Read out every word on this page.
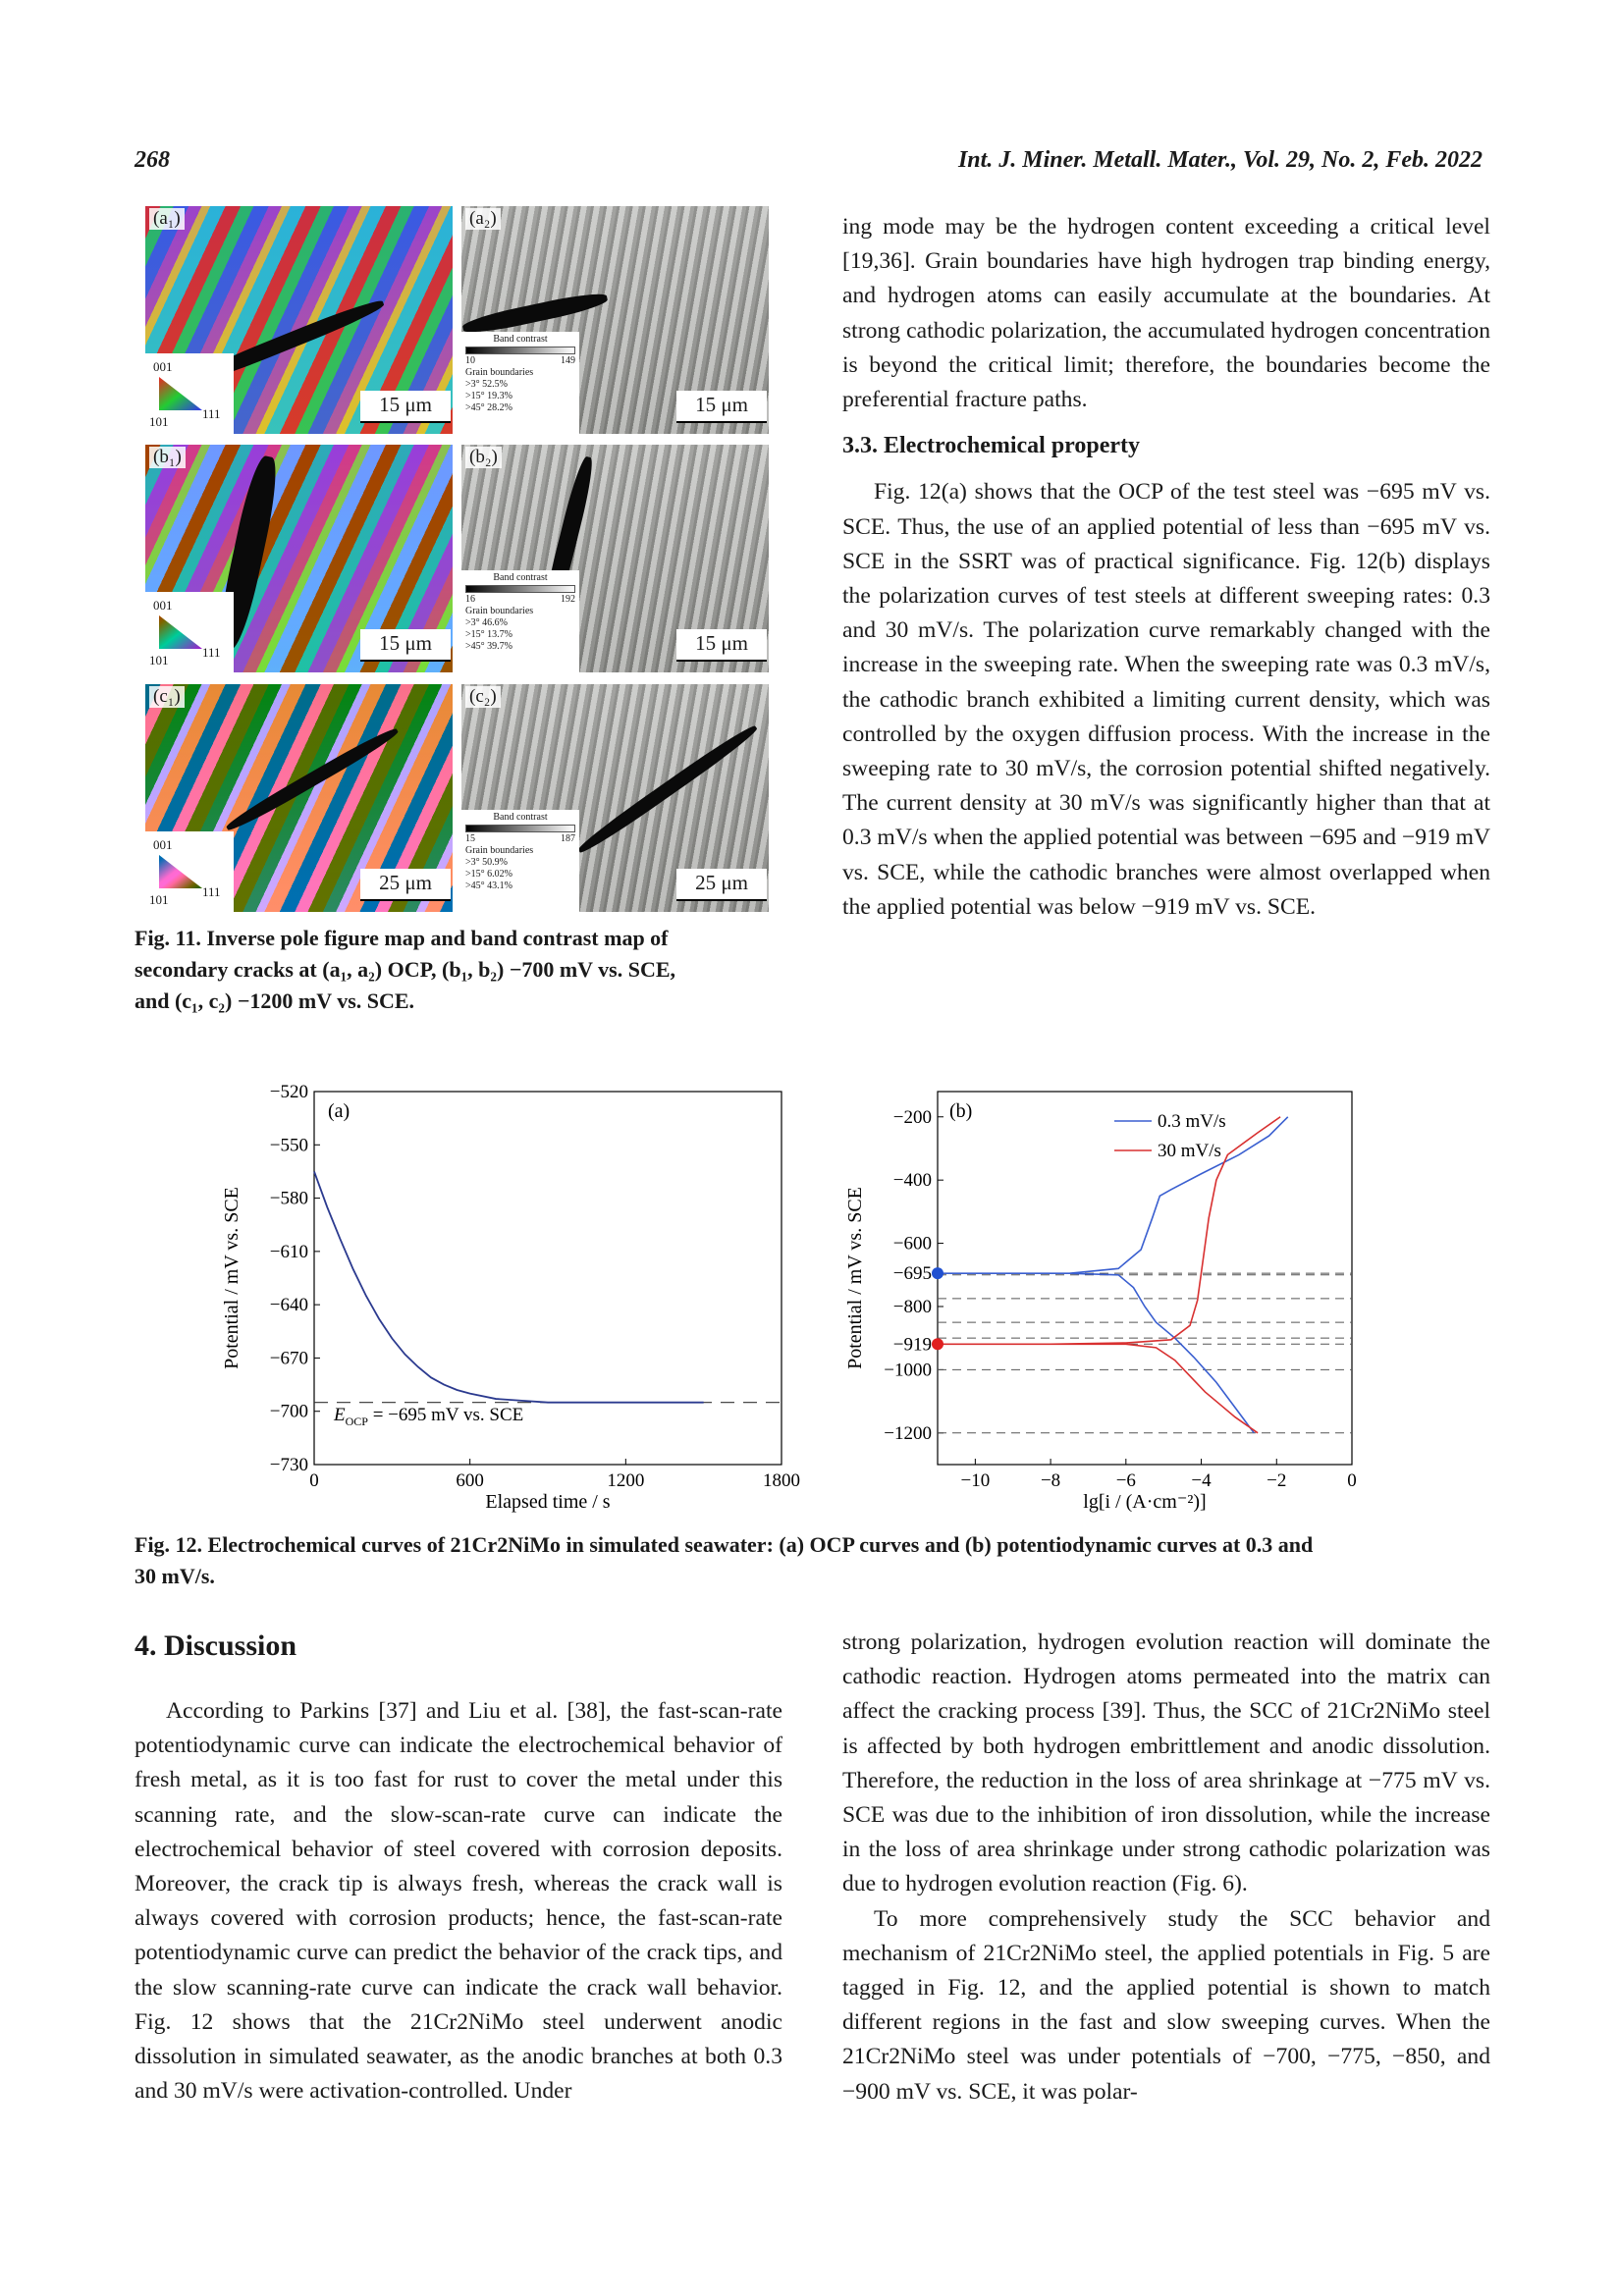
268	Int. J. Miner. Metall. Mater., Vol. 29, No. 2, Feb. 2022
(a₁)
001
101
111	15 μm
(a₂)
Band contrast
10	149
Grain boundaries
>3° 52.5%
>15° 19.3%
>45° 28.2%	15 μm
(b₁)
001
101
111	15 μm
(b₂)
Band contrast
16	192
Grain boundaries
>3° 46.6%
>15° 13.7%
>45° 39.7%	15 μm
(c₁)
001
101
111	25 μm
(c₂)
Band contrast
15	187
Grain boundaries
>3° 50.9%
>15° 6.02%
>45° 43.1%	25 μm
Fig. 11. Inverse pole figure map and band contrast map of
secondary cracks at (a₁, a₂) OCP, (b₁, b₂) −700 mV vs. SCE,
and (c₁, c₂) −1200 mV vs. SCE.

ing mode may be the hydrogen content exceeding a critical level [19,36]. Grain boundaries have high hydrogen trap binding energy, and hydrogen atoms can easily accumulate at the boundaries. At strong cathodic polarization, the accumulated hydrogen concentration is beyond the critical limit; therefore, the boundaries become the preferential fracture paths.

3.3. Electrochemical property

Fig. 12(a) shows that the OCP of the test steel was −695 mV vs. SCE. Thus, the use of an applied potential of less than −695 mV vs. SCE in the SSRT was of practical significance. Fig. 12(b) displays the polarization curves of test steels at different sweeping rates: 0.3 and 30 mV/s. The polarization curve remarkably changed with the increase in the sweeping rate. When the sweeping rate was 0.3 mV/s, the cathodic branch exhibited a limiting current density, which was controlled by the oxygen diffusion process. With the increase in the sweeping rate to 30 mV/s, the corrosion potential shifted negatively. The current density at 30 mV/s was significantly higher than that at 0.3 mV/s when the applied potential was between −695 and −919 mV vs. SCE, while the cathodic branches were almost overlapped when the applied potential was below −919 mV vs. SCE.

0	600	1200	1800
−520
−550
−580
−610
−640
−670
−700
−730
Elapsed time / s
Potential / mV vs. SCE
(a)
$E_{OCP} = -695$ mV vs. SCE
−10	−8	−6	−4	−2	0
−200
−400
−600
−695
−800
−919
−1000
−1200
0.3 mV/s
30 mV/s
(b)
lg[i / (A·cm⁻²)]
Potential / mV vs. SCE
Fig. 12. Electrochemical curves of 21Cr2NiMo in simulated seawater: (a) OCP curves and (b) potentiodynamic curves at 0.3 and
30 mV/s.
4. Discussion

According to Parkins [37] and Liu et al. [38], the fast-scan-rate potentiodynamic curve can indicate the electrochemical behavior of fresh metal, as it is too fast for rust to cover the metal under this scanning rate, and the slow-scan-rate curve can indicate the electrochemical behavior of steel covered with corrosion deposits. Moreover, the crack tip is always fresh, whereas the crack wall is always covered with corrosion products; hence, the fast-scan-rate potentiodynamic curve can predict the behavior of the crack tips, and the slow scanning-rate curve can indicate the crack wall behavior. Fig. 12 shows that the 21Cr2NiMo steel underwent anodic dissolution in simulated seawater, as the anodic branches at both 0.3 and 30 mV/s were activation-controlled. Under

strong polarization, hydrogen evolution reaction will dominate the cathodic reaction. Hydrogen atoms permeated into the matrix can affect the cracking process [39]. Thus, the SCC of 21Cr2NiMo steel is affected by both hydrogen embrittlement and anodic dissolution. Therefore, the reduction in the loss of area shrinkage at −775 mV vs. SCE was due to the inhibition of iron dissolution, while the increase in the loss of area shrinkage under strong cathodic polarization was due to hydrogen evolution reaction (Fig. 6).

To more comprehensively study the SCC behavior and mechanism of 21Cr2NiMo steel, the applied potentials in Fig. 5 are tagged in Fig. 12, and the applied potential is shown to match different regions in the fast and slow sweeping curves. When the 21Cr2NiMo steel was under potentials of −700, −775, −850, and −900 mV vs. SCE, it was polar-
